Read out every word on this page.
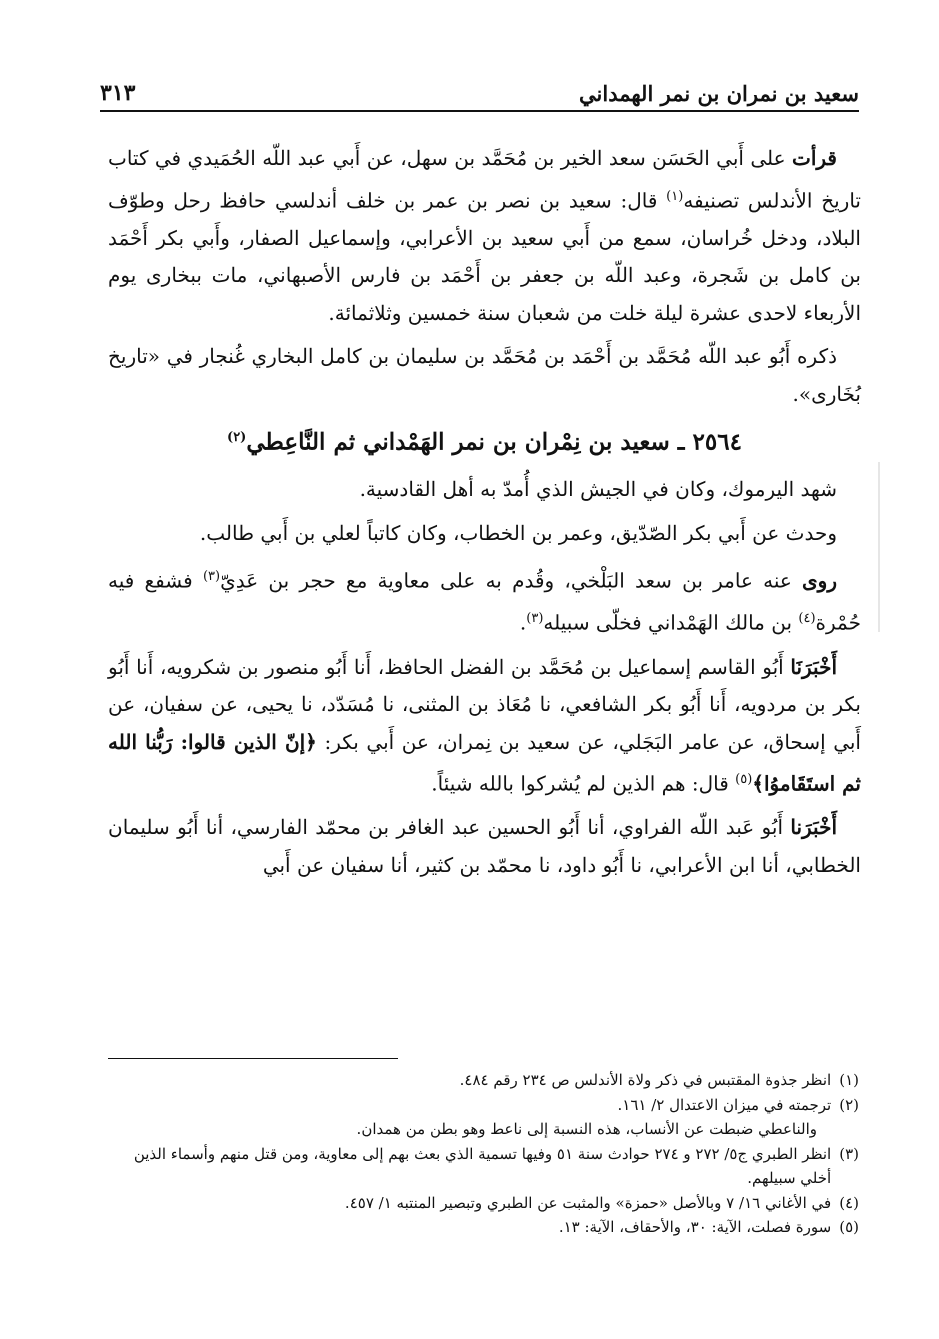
سعيد بن نمران بن نمر الهمداني
٣١٣

قرأت على أَبي الحَسَن سعد الخير بن مُحَمَّد بن سهل، عن أَبي عبد اللّه الحُمَيدي في كتاب تاريخ الأندلس تصنيفه$^{(١)}$ قال: سعيد بن نصر بن عمر بن خلف أندلسي حافظ رحل وطوّف البلاد، ودخل خُراسان، سمع من أَبي سعيد بن الأعرابي، وإسماعيل الصفار، وأَبي بكر أَحْمَد بن كامل بن شَجرة، وعبد اللّه بن جعفر بن أَحْمَد بن فارس الأصبهاني، مات ببخارى يوم الأربعاء لاحدى عشرة ليلة خلت من شعبان سنة خمسين وثلاثمائة.

ذكره أَبُو عبد اللّه مُحَمَّد بن أَحْمَد بن مُحَمَّد بن سليمان بن كامل البخاري غُنجار في «تاريخ بُخَارى».

٢٥٦٤ ـ سعيد بن نِمْران بن نمر الهَمْداني ثم النَّاعِطي$^{(٢)}$

شهد اليرموك، وكان في الجيش الذي أُمدّ به أهل القادسية.

وحدث عن أَبي بكر الصّدّيق، وعمر بن الخطاب، وكان كاتباً لعلي بن أَبي طالب.

روى عنه عامر بن سعد البَلْخي، وقُدم به على معاوية مع حجر بن عَدِيّ$^{(٣)}$ فشفع فيه حُمْرة$^{(٤)}$ بن مالك الهَمْداني فخلّى سبيله$^{(٣)}$.

أَخْبَرَنَا أَبُو القاسم إسماعيل بن مُحَمَّد بن الفضل الحافظ، أَنا أَبُو منصور بن شكرويه، أَنا أَبُو بكر بن مردويه، أَنا أَبُو بكر الشافعي، نا مُعَاذ بن المثنى، نا مُسَدّد، نا يحيى، عن سفيان، عن أَبي إسحاق، عن عامر البَجَلي، عن سعيد بن نِمران، عن أَبي بكر: ﴿إنّ الذين قالوا: رَبُّنا الله ثم استَقَاموُا﴾$^{(٥)}$ قال: هم الذين لم يُشركوا بالله شيئاً.

أَخْبَرَنا أَبُو عَبد اللّه الفراوي، أنا أَبُو الحسين عبد الغافر بن محمّد الفارسي، أنا أَبُو سليمان الخطابي، أنا ابن الأعرابي، نا أَبُو داود، نا محمّد بن كثير، أنا سفيان عن أَبي

(١)
انظر جذوة المقتبس في ذكر ولاة الأندلس ص ٢٣٤ رقم ٤٨٤.
(٢)
ترجمته في ميزان الاعتدال ٢/ ١٦١.
والناعطي ضبطت عن الأنساب، هذه النسبة إلى ناعط وهو بطن من همدان.
(٣)
انظر الطبري ج٥/ ٢٧٢ و ٢٧٤ حوادث سنة ٥١ وفيها تسمية الذي بعث بهم إلى معاوية، ومن قتل منهم وأسماء الذين أخلي سبيلهم.
(٤)
في الأغاني ١٦/ ٧ وبالأصل «حمزة» والمثبت عن الطبري وتبصير المنتبه ١/ ٤٥٧.
(٥)
سورة فصلت، الآية: ٣٠، والأحقاف، الآية: ١٣.
